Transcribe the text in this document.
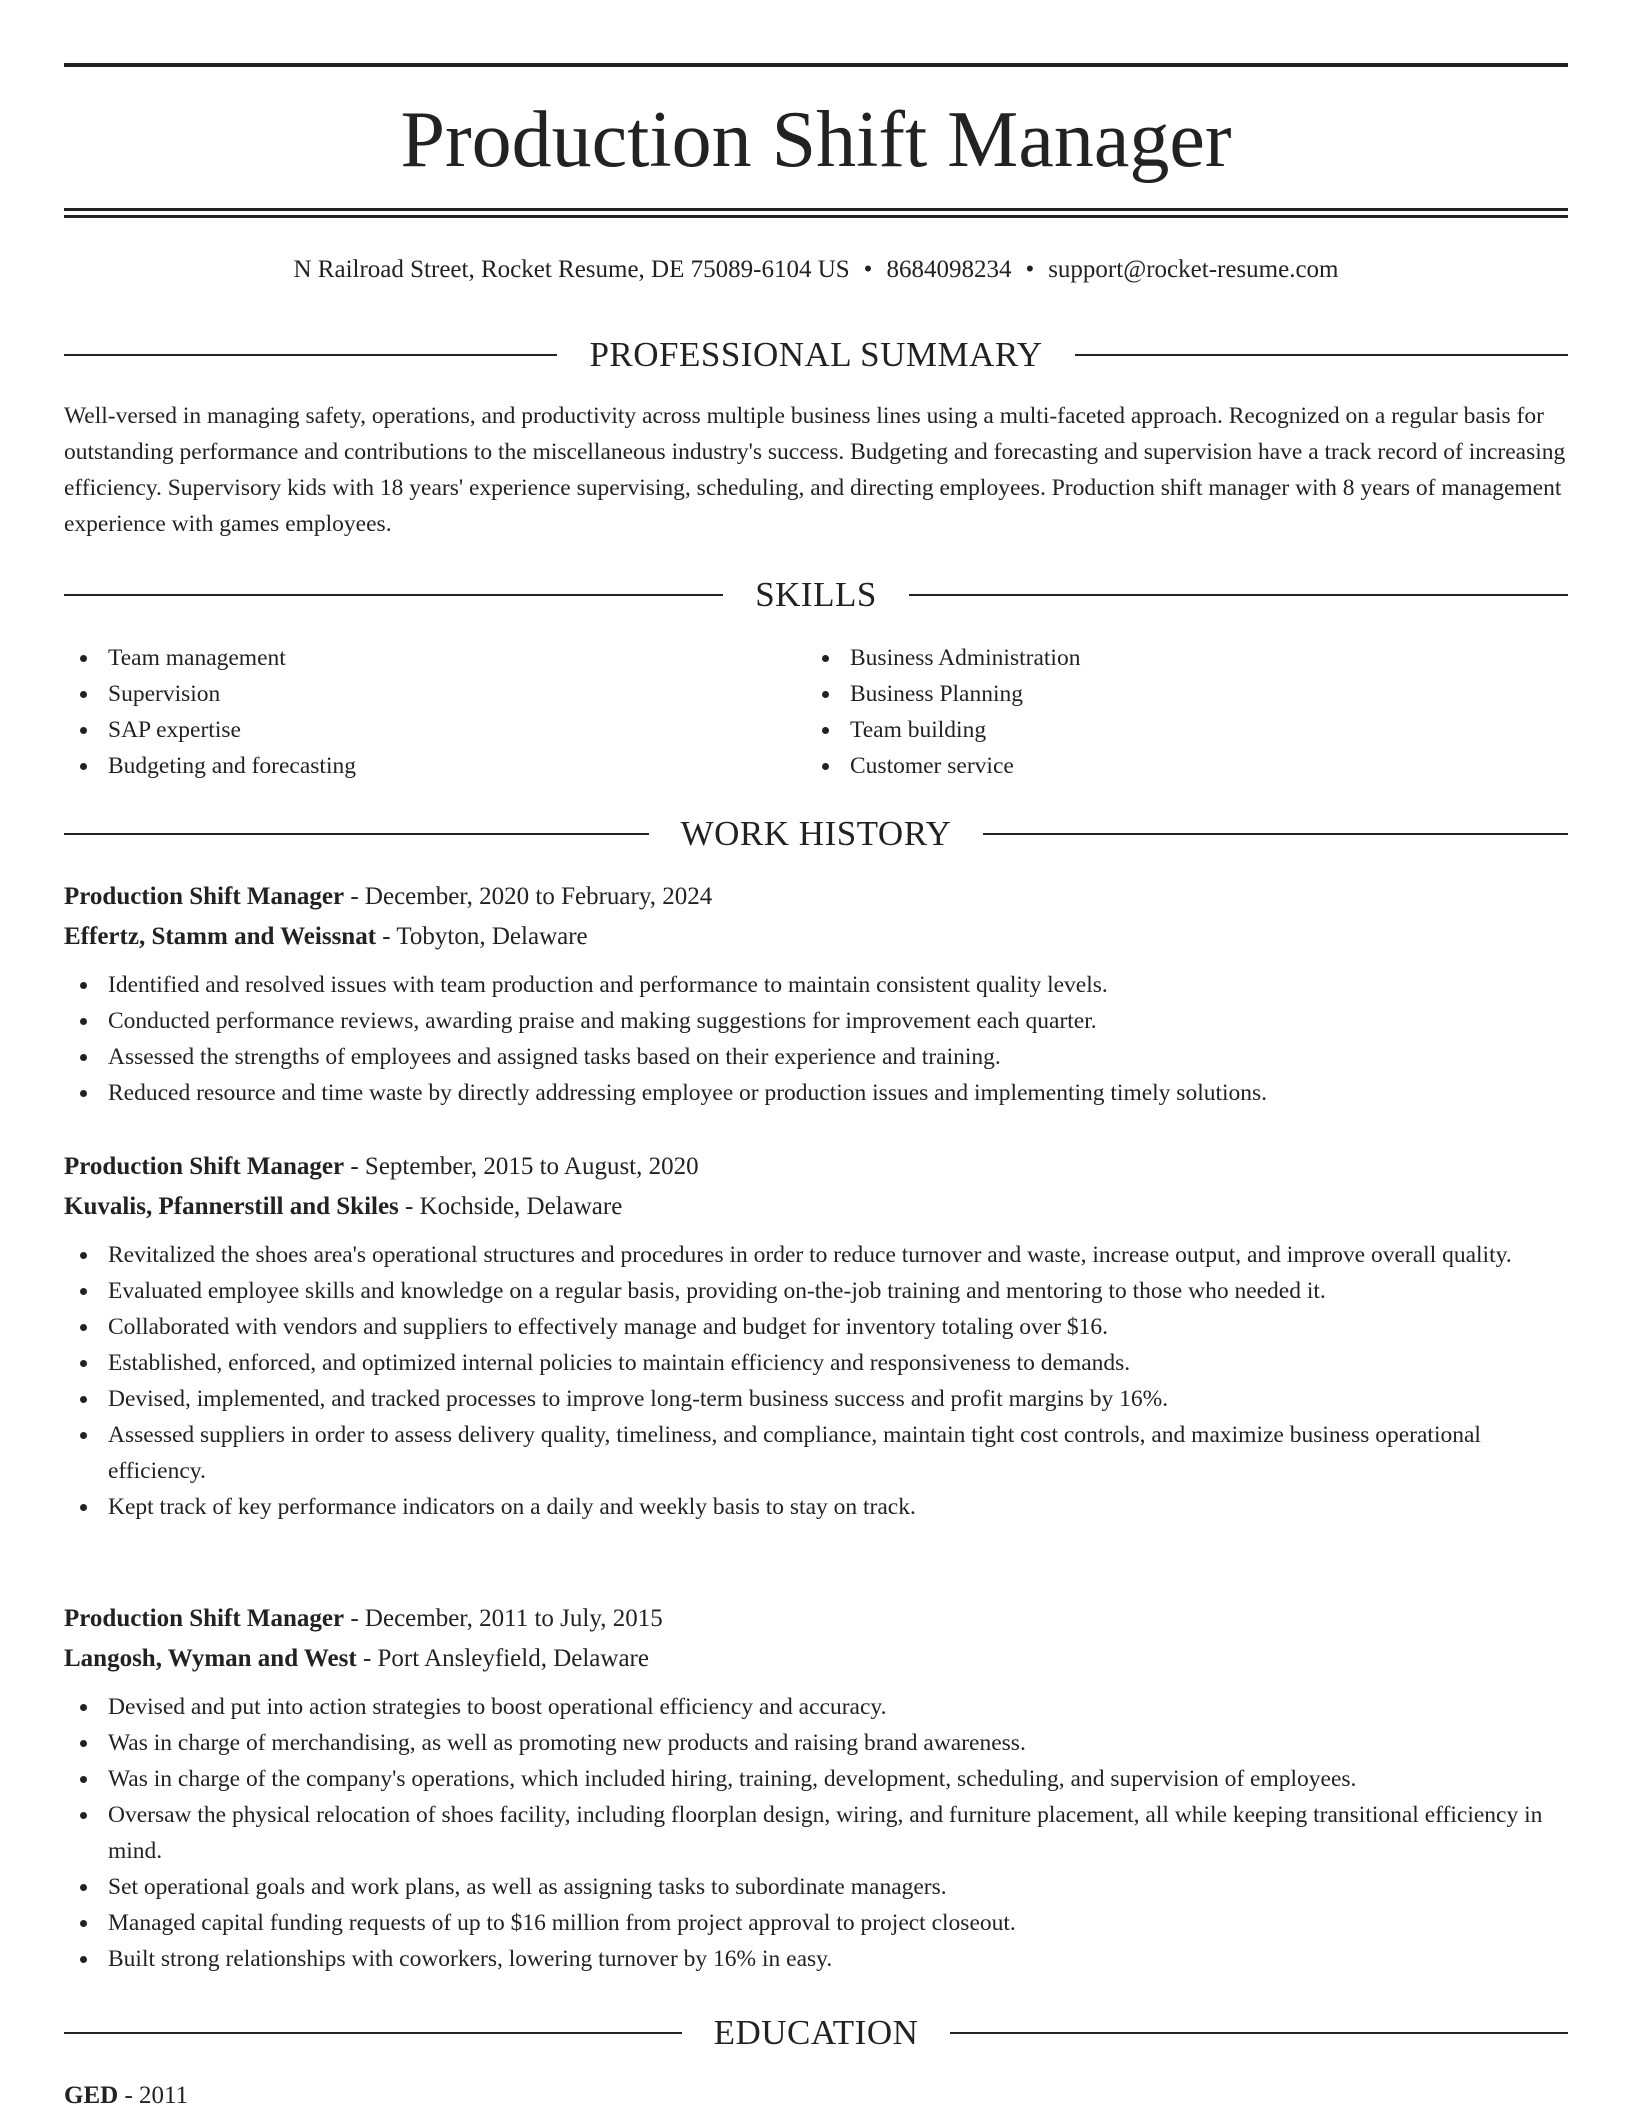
Production Shift Manager
N Railroad Street, Rocket Resume, DE 75089-6104 US • 8684098234 • support@rocket-resume.com
PROFESSIONAL SUMMARY

Well-versed in managing safety, operations, and productivity across multiple business lines using a multi-faceted approach. Recognized on a regular basis for outstanding performance and contributions to the miscellaneous industry's success. Budgeting and forecasting and supervision have a track record of increasing efficiency. Supervisory kids with 18 years' experience supervising, scheduling, and directing employees. Production shift manager with 8 years of management experience with games employees.

SKILLS
Team management
Supervision
SAP expertise
Budgeting and forecasting
Business Administration
Business Planning
Team building
Customer service
WORK HISTORY
Production Shift Manager - December, 2020 to February, 2024
Effertz, Stamm and Weissnat - Tobyton, Delaware
Identified and resolved issues with team production and performance to maintain consistent quality levels.
Conducted performance reviews, awarding praise and making suggestions for improvement each quarter.
Assessed the strengths of employees and assigned tasks based on their experience and training.
Reduced resource and time waste by directly addressing employee or production issues and implementing timely solutions.
Production Shift Manager - September, 2015 to August, 2020
Kuvalis, Pfannerstill and Skiles - Kochside, Delaware
Revitalized the shoes area's operational structures and procedures in order to reduce turnover and waste, increase output, and improve overall quality.
Evaluated employee skills and knowledge on a regular basis, providing on-the-job training and mentoring to those who needed it.
Collaborated with vendors and suppliers to effectively manage and budget for inventory totaling over $16.
Established, enforced, and optimized internal policies to maintain efficiency and responsiveness to demands.
Devised, implemented, and tracked processes to improve long-term business success and profit margins by 16%.
Assessed suppliers in order to assess delivery quality, timeliness, and compliance, maintain tight cost controls, and maximize business operational efficiency.
Kept track of key performance indicators on a daily and weekly basis to stay on track.
Production Shift Manager - December, 2011 to July, 2015
Langosh, Wyman and West - Port Ansleyfield, Delaware
Devised and put into action strategies to boost operational efficiency and accuracy.
Was in charge of merchandising, as well as promoting new products and raising brand awareness.
Was in charge of the company's operations, which included hiring, training, development, scheduling, and supervision of employees.
Oversaw the physical relocation of shoes facility, including floorplan design, wiring, and furniture placement, all while keeping transitional efficiency in mind.
Set operational goals and work plans, as well as assigning tasks to subordinate managers.
Managed capital funding requests of up to $16 million from project approval to project closeout.
Built strong relationships with coworkers, lowering turnover by 16% in easy.
EDUCATION
GED - 2011
